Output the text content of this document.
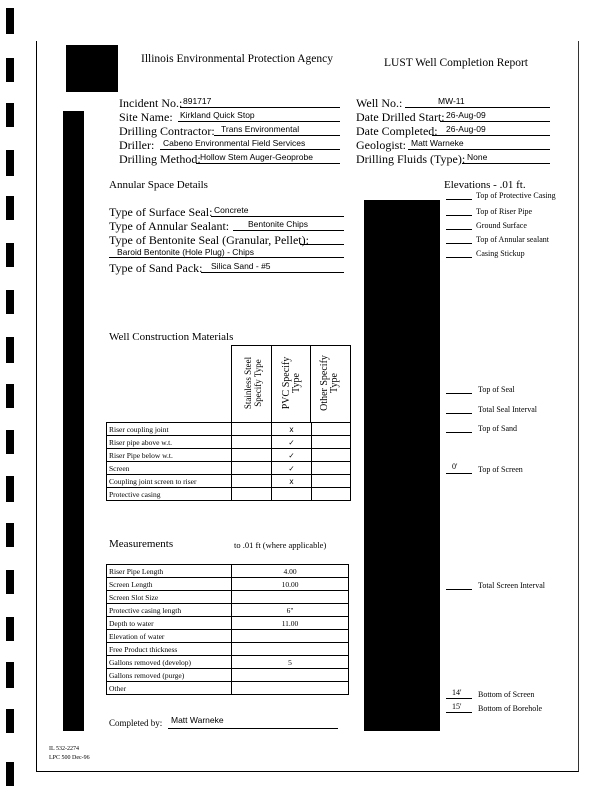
Illinois Environmental Protection Agency	LUST Well Completion Report
Incident No.: 891717
Site Name: Kirkland Quick Stop
Drilling Contractor: Trans Environmental
Driller: Cabeno Environmental Field Services
Drilling Method: Hollow Stem Auger-Geoprobe
Well No.:	MW-11
Date Drilled Start: 26-Aug-09
Date Completed: 26-Aug-09
Geologist: Matt Warneke
Drilling Fluids (Type): None
Annular Space Details
Type of Surface Seal: Concrete
Type of Annular Sealant: Bentonite Chips
Type of Bentonite Seal (Granular, Pellet):
Baroid Bentonite (Hole Plug) - Chips
Type of Sand Pack: Silica Sand - #5
Elevations - .01 ft.
Top of Protective Casing
Top of Riser Pipe
Ground Surface
Top of Annular sealant
Casing Stickup
Top of Seal
Total Seal Interval
Top of Sand
0'	Top of Screen
Total Screen Interval
14' Bottom of Screen
15' Bottom of Borehole
Well Construction Materials
Stainless Steel Specify Type PVC Specify Type Other Specify Type
Riser coupling joint		x	
Riser pipe above w.t.		✓	
Riser Pipe below w.t.		✓	
Screen		✓	
Coupling joint screen to riser		x	
Protective casing			
Measurements	to .01 ft (where applicable)
Riser Pipe Length	4.00
Screen Length	10.00
Screen Slot Size	
Protective casing length	6"
Depth to water	11.00
Elevation of water	
Free Product thickness	
Gallons removed (develop)	5
Gallons removed (purge)	
Other	
Completed by: Matt Warneke
IL 532-2274
LPC 500 Dec-96
